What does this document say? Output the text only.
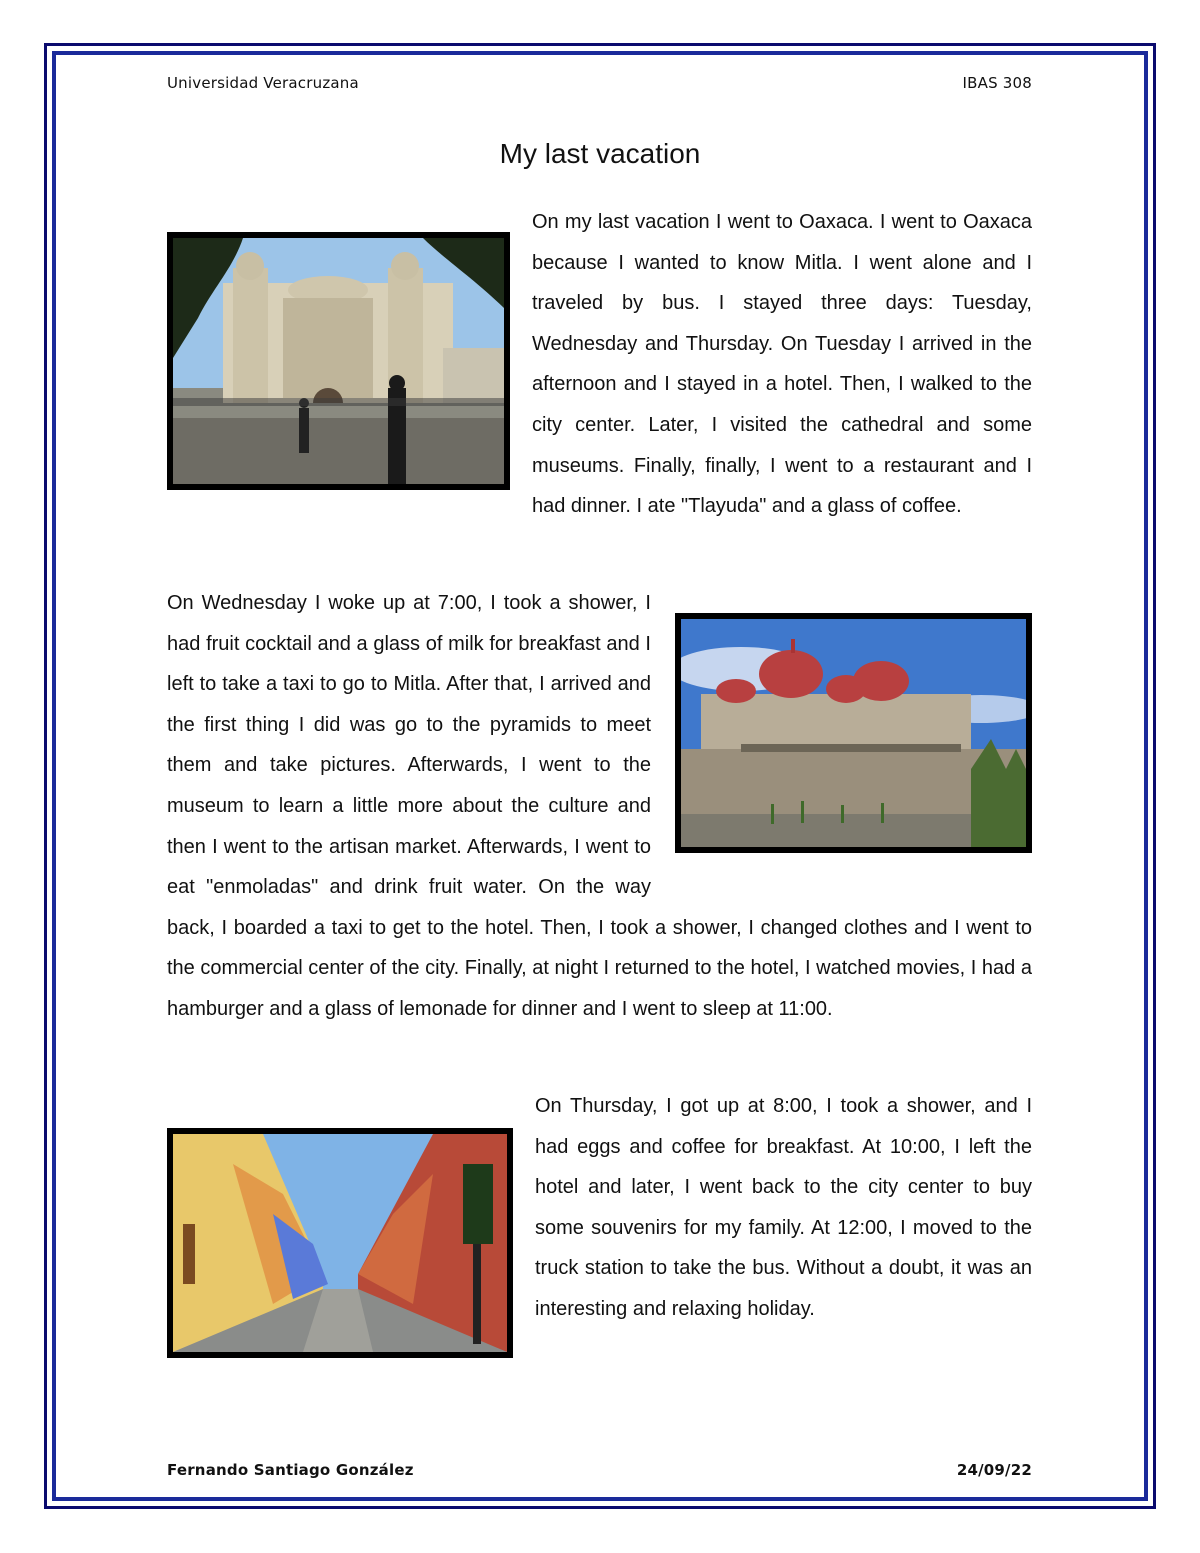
Universidad Veracruzana	IBAS 308
My last vacation

On my last vacation I went to Oaxaca. I went to Oaxaca because I wanted to know Mitla. I went alone and I traveled by bus. I stayed three days: Tuesday, Wednesday and Thursday. On Tuesday I arrived in the afternoon and I stayed in a hotel. Then, I walked to the city center. Later, I visited the cathedral and some museums. Finally, finally, I went to a restaurant and I had dinner. I ate "Tlayuda" and a glass of coffee.

On Wednesday I woke up at 7:00, I took a shower, I had fruit cocktail and a glass of milk for breakfast and I left to take a taxi to go to Mitla. After that, I arrived and the first thing I did was go to the pyramids to meet them and take pictures. Afterwards, I went to the museum to learn a little more about the culture and then I went to the artisan market. Afterwards, I went to eat "enmoladas" and drink fruit water. On the way back, I boarded a taxi to get to the hotel. Then, I took a shower, I changed clothes and I went to the commercial center of the city. Finally, at night I returned to the hotel, I watched movies, I had a hamburger and a glass of lemonade for dinner and I went to sleep at 11:00.

On Thursday, I got up at 8:00, I took a shower, and I had eggs and coffee for breakfast. At 10:00, I left the hotel and later, I went back to the city center to buy some souvenirs for my family. At 12:00, I moved to the truck station to take the bus. Without a doubt, it was an interesting and relaxing holiday.

Fernando Santiago González	24/09/22
